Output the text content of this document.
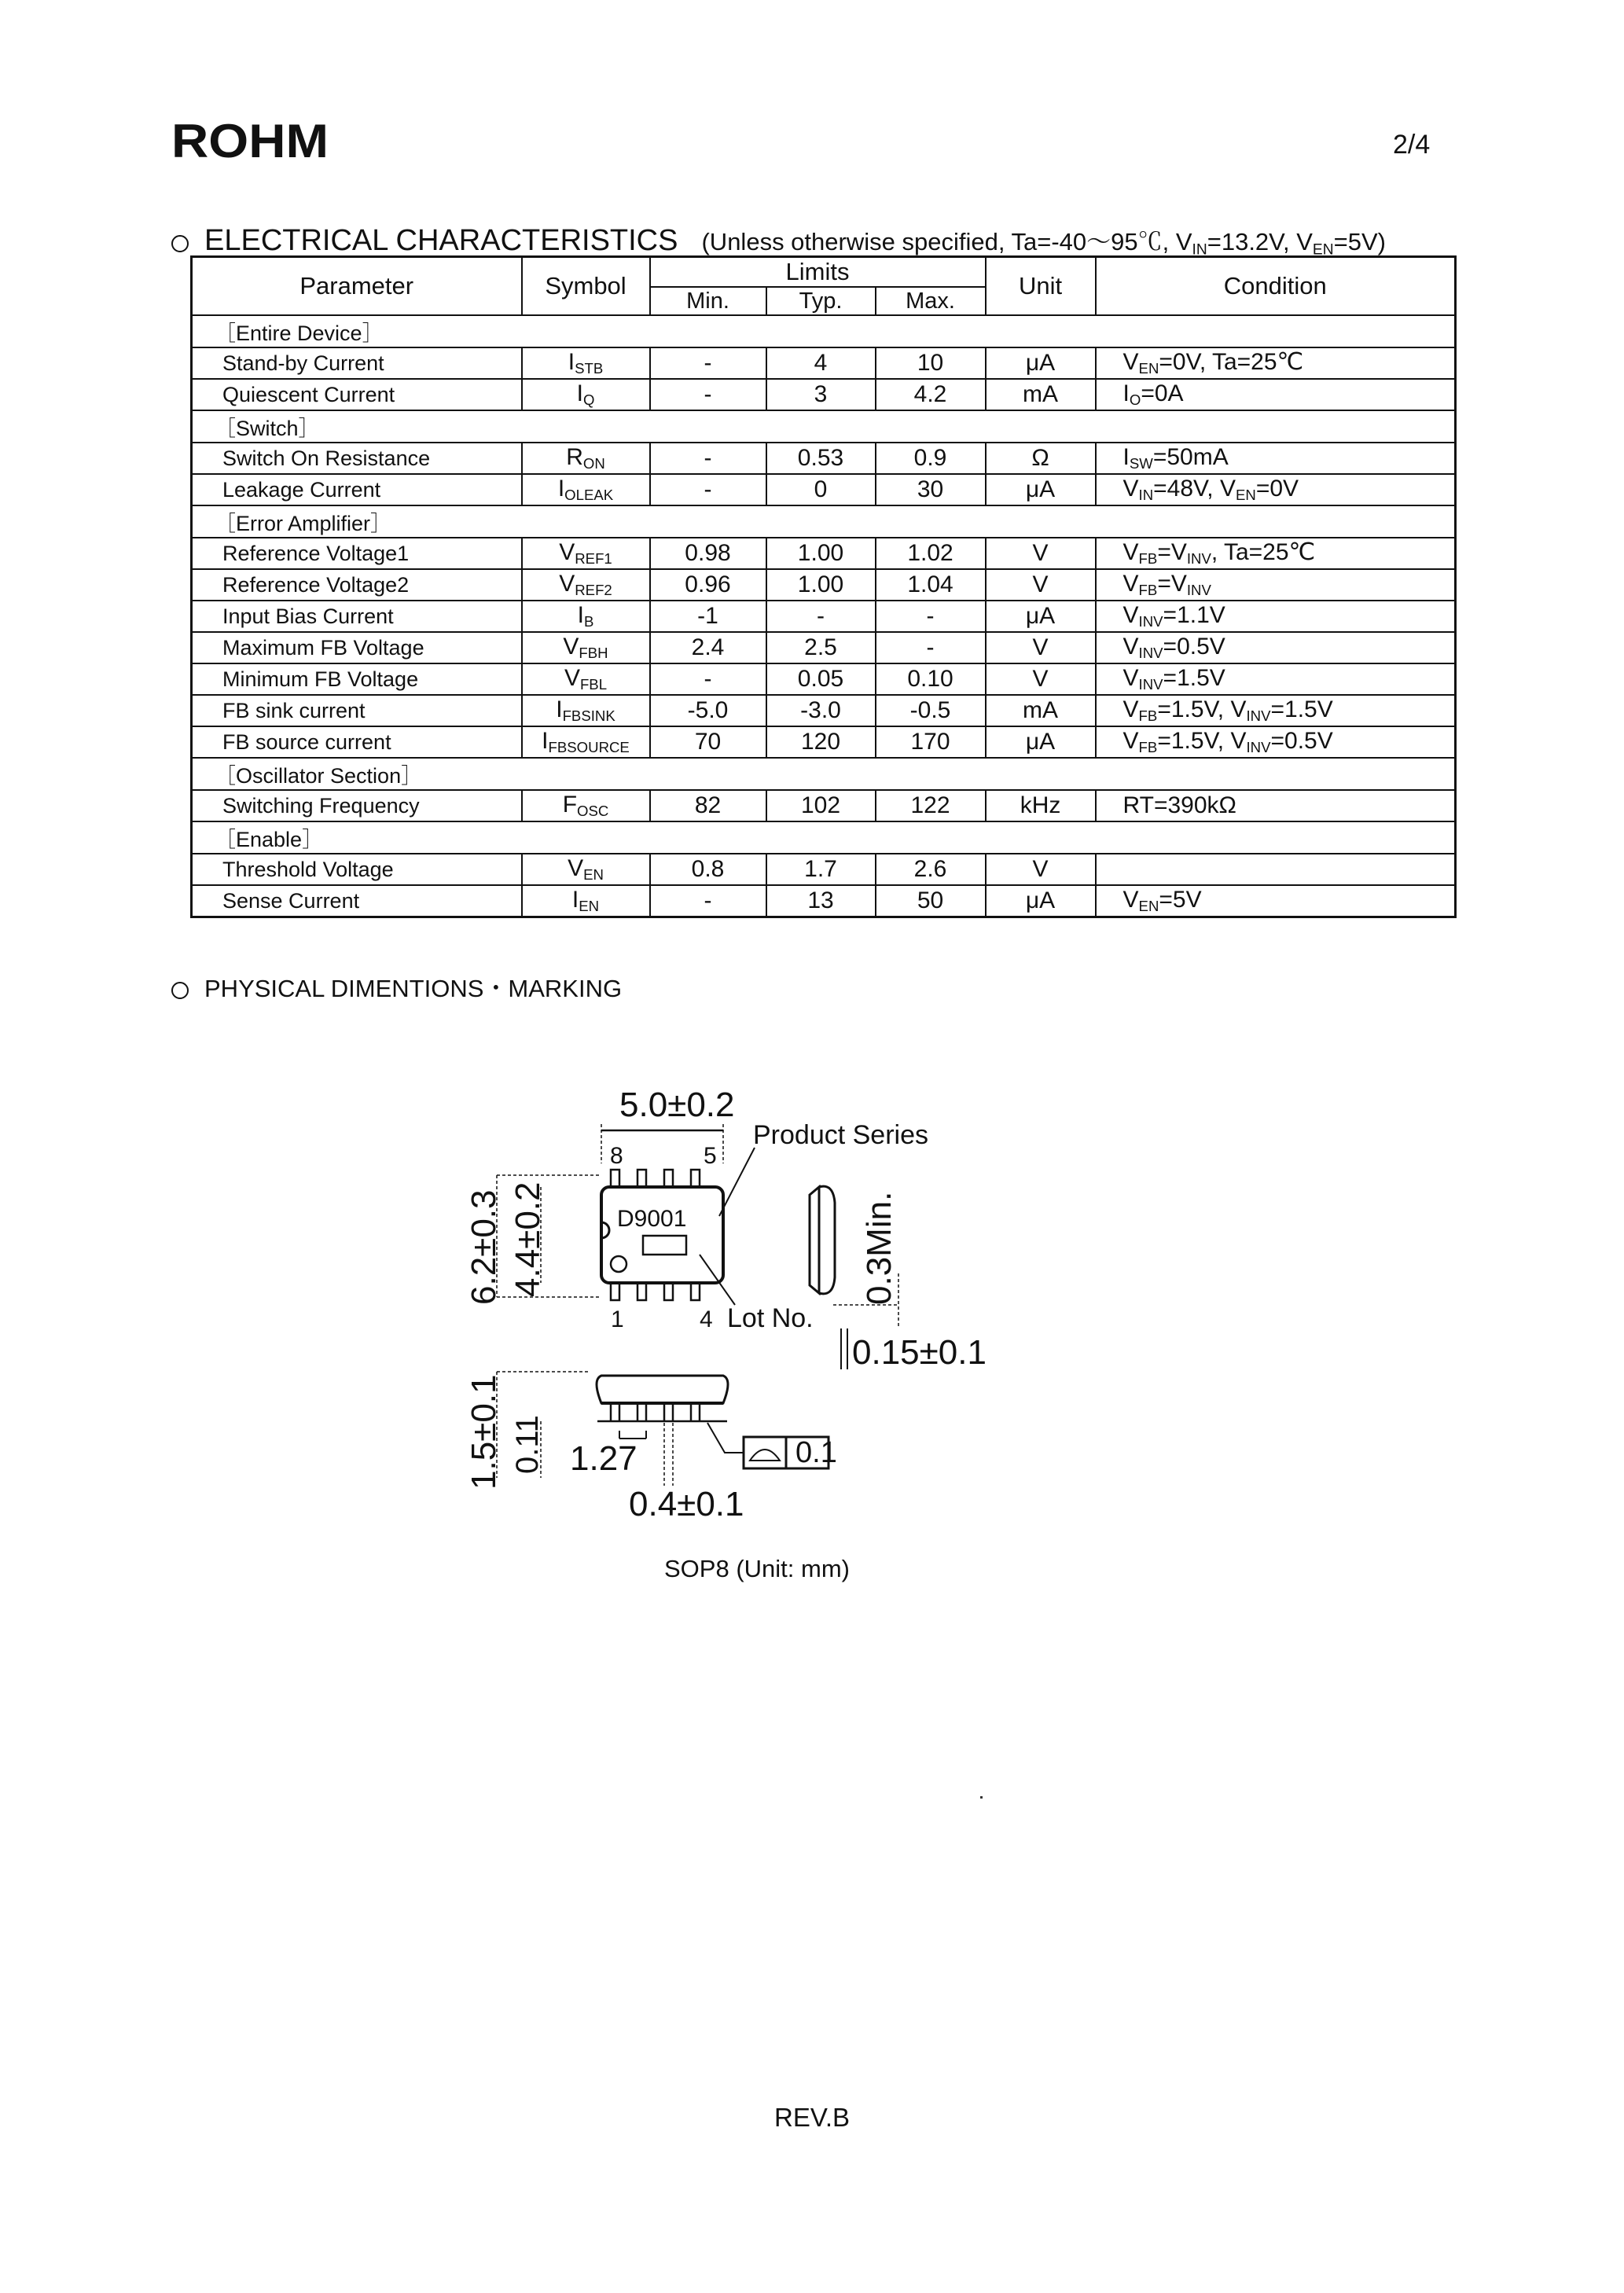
ROHM	2/4
ELECTRICAL CHARACTERISTICS (Unless otherwise specified, Ta=-40～95℃, $V_{IN}=13.2V$, $V_{EN}=5V$)
Parameter	Symbol	Limits			Unit	Condition
		Min.	Typ.	Max.		
［Entire Device］						
Stand-by Current	$I_{STB}$	-	4	10	μA	$V_{EN}=0V$, Ta=25℃
Quiescent Current	$I_Q$	-	3	4.2	mA	$I_O=0A$
［Switch］						
Switch On Resistance	$R_{ON}$	-	0.53	0.9	Ω	$I_{SW}=50mA$
Leakage Current	$I_{OLEAK}$	-	0	30	μA	$V_{IN}=48V$, $V_{EN}=0V$
［Error Amplifier］						
Reference Voltage1	$V_{REF1}$	0.98	1.00	1.02	V	$V_{FB}=V_{INV}$, Ta=25℃
Reference Voltage2	$V_{REF2}$	0.96	1.00	1.04	V	$V_{FB}=V_{INV}$
Input Bias Current	$I_B$	-1	-	-	μA	$V_{INV}=1.1V$
Maximum FB Voltage	$V_{FBH}$	2.4	2.5	-	V	$V_{INV}=0.5V$
Minimum FB Voltage	$V_{FBL}$	-	0.05	0.10	V	$V_{INV}=1.5V$
FB sink current	$I_{FBSINK}$	-5.0	-3.0	-0.5	mA	$V_{FB}=1.5V$, $V_{INV}=1.5V$
FB source current	$I_{FBSOURCE}$	70	120	170	μA	$V_{FB}=1.5V$, $V_{INV}=0.5V$
［Oscillator Section］						
Switching Frequency	$F_{OSC}$	82	102	122	kHz	RT=390kΩ
［Enable］						
Threshold Voltage	$V_{EN}$	0.8	1.7	2.6	V	
Sense Current	$I_{EN}$	-	13	50	μA	$V_{EN}=5V$
PHYSICAL DIMENTIONS・MARKING
5.0±0.2
Product Series
8	5
D9001
1	4 Lot No.
6.2±0.3 4.4±0.2	0.3Min.
0.15±0.1
1.5±0.1 0.11 1.27
0.4±0.1
0.1
SOP8 (Unit: mm)
REV.B
